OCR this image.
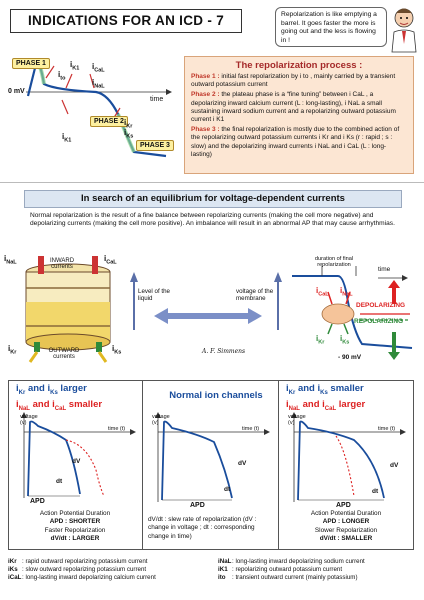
INDICATIONS FOR AN ICD - 7	Repolarization is like emptying a barrel. It goes faster the more is going out and the less is flowing in !
0 mV
time
PHASE 1
PHASE 2
PHASE 3
$i_{to}$
$i_{K1}$ $i_{CaL}$
$i_{NaL}$
$i_{K1}$
$i_{Kr}$
$i_{Ks}$
The repolarization process :
Phase 1 : initial fast repolarization by i to , mainly carried by a transient outward potassium current
Phase 2 : the plateau phase is a “fine tuning” between i CaL , a depolarizing inward calcium current (L : long-lasting), i NaL a small sustaining inward sodium current and a repolarizing outward potassium current i K1
Phase 3 : the final repolarization is mostly due to the combined action of the repolarizing outward potassium currents i Kr and i Ks (r : rapid ; s : slow) and the depolarizing inward currents i NaL and i CaL (L : long-lasting)
In search of an equilibrium for voltage-dependent currents
Normal repolarization is the result of a fine balance between repolarizing currents (making the cell more negative) and depolarizing currents (making the cell more positive). An imbalance will result in an abnormal AP that may cause arrhythmias.
INWARD currents
OUTWARD currents
$i_{NaL}$	$i_{CaL}$
$i_{Kr}$	$i_{Ks}$
Level of the liquid
voltage of the membrane
A. F. Simmens
duration of final repolarization
time
DEPOLARIZING
REPOLARIZING
- 90 mV
$i_{CaL}$ $i_{NaL}$
$i_{Kr}$ $i_{Ks}$
$i_{Kr}$ and $i_{Ks}$ larger
$i_{NaL}$ and $i_{CaL}$ smaller
Normal ion channels
$i_{Kr}$ and $i_{Ks}$ smaller
$i_{NaL}$ and $i_{CaL}$ larger
voltage (v)
time (t)
APD
dV
dt
Action Potential Duration
APD : SHORTER
Faster Repolarization
dV/dt : LARGER
voltage (v)
time (t)
APD
dV
dt
dV/dt : slew rate of repolarization (dV : change in voltage ; dt : corresponding change in time)
voltage (v)
time (t)
APD
dV
dt
Action Potential Duration
APD : LONGER
Slower Repolarization
dV/dt : SMALLER
iKr : rapid outward repolarizing potassium current
iKs : slow outward repolarizing potassium current
iCaL: long-lasting inward depolarizing calcium current
iNaL: long-lasting inward depolarizing sodium current
iK1 : repolarizing outward potassium current
ito : transient outward current (mainly potassium)
